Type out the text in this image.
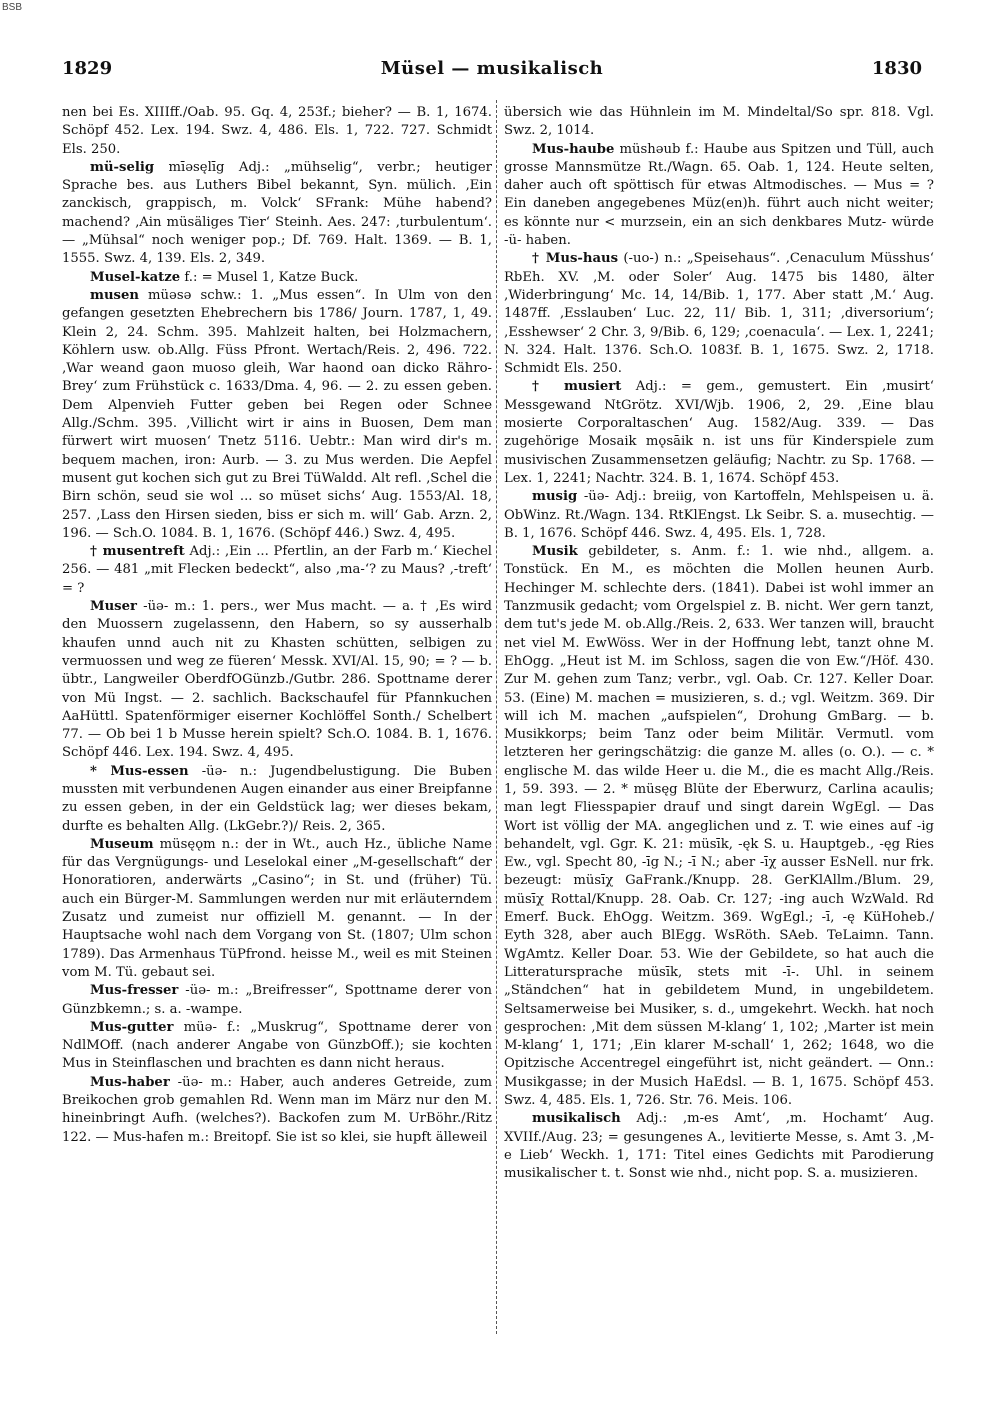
BSB
1829	Müsel — musikalisch	1830

nen bei Es. XIIIff./Oab. 95. Gq. 4, 253f.; bieher? — B. 1, 1674. Schöpf 452. Lex. 194. Swz. 4, 486. Els. 1, 722. 727. Schmidt Els. 250.

mü-selig mīəsęlīg Adj.: „mühselig“, verbr.; heutiger Sprache bes. aus Luthers Bibel bekannt, Syn. mülich. ‚Ein zanckisch, grappisch, m. Volck‘ SFrank: Mühe habend? machend? ‚Ain müsäliges Tier‘ Steinh. Aes. 247: ‚turbulentum‘. — „Mühsal“ noch weniger pop.; Df. 769. Halt. 1369. — B. 1, 1555. Swz. 4, 139. Els. 2, 349.

Musel-katze f.: = Musel 1, Katze Buck.

musen müəsə schw.: 1. „Mus essen“. In Ulm von den gefangen gesetzten Ehebrechern bis 1786/ Journ. 1787, 1, 49. Klein 2, 24. Schm. 395. Mahlzeit halten, bei Holzmachern, Köhlern usw. ob.Allg. Füss Pfront. Wertach/Reis. 2, 496. 722. ‚War weand gaon muoso gleih, War haond oan dicko Rähro-Brey‘ zum Frühstück c. 1633/Dma. 4, 96. — 2. zu essen geben. Dem Alpenvieh Futter geben bei Regen oder Schnee Allg./Schm. 395. ‚Villicht wirt ir ains in Buosen, Dem man fürwert wirt muosen‘ Tnetz 5116. Uebtr.: Man wird dir's m. bequem machen, iron: Aurb. — 3. zu Mus werden. Die Aepfel musent gut kochen sich gut zu Brei TüWaldd. Alt refl. ‚Schel die Birn schön, seud sie wol ... so müset sichs‘ Aug. 1553/Al. 18, 257. ‚Lass den Hirsen sieden, biss er sich m. will‘ Gab. Arzn. 2, 196. — Sch.O. 1084. B. 1, 1676. (Schöpf 446.) Swz. 4, 495.

† musentreft Adj.: ‚Ein ... Pfertlin, an der Farb m.‘ Kiechel 256. — 481 „mit Flecken bedeckt“, also ‚ma-‘? zu Maus? ‚-treft‘ = ?

Muser -üə- m.: 1. pers., wer Mus macht. — a. † ‚Es wird den Muossern zugelassenn, den Habern, so sy ausserhalb khaufen unnd auch nit zu Khasten schütten, selbigen zu vermuossen und weg ze füeren‘ Messk. XVI/Al. 15, 90; = ? — b. übtr., Langweiler OberdfOGünzb./Gutbr. 286. Spottname derer von Mü Ingst. — 2. sachlich. Backschaufel für Pfannkuchen AaHüttl. Spatenförmiger eiserner Kochlöffel Sonth./ Schelbert 77. — Ob bei 1 b Musse herein spielt? Sch.O. 1084. B. 1, 1676. Schöpf 446. Lex. 194. Swz. 4, 495.

* Mus-essen -üə- n.: Jugendbelustigung. Die Buben mussten mit verbundenen Augen einander aus einer Breipfanne zu essen geben, in der ein Geldstück lag; wer dieses bekam, durfte es behalten Allg. (LkGebr.?)/ Reis. 2, 365.

Museum müsęǫm n.: der in Wt., auch Hz., übliche Name für das Vergnügungs- und Leselokal einer „M-gesellschaft“ der Honoratioren, anderwärts „Casino“; in St. und (früher) Tü. auch ein Bürger-M. Sammlungen werden nur mit erläuterndem Zusatz und zumeist nur offiziell M. genannt. — In der Hauptsache wohl nach dem Vorgang von St. (1807; Ulm schon 1789). Das Armenhaus TüPfrond. heisse M., weil es mit Steinen vom M. Tü. gebaut sei.

Mus-fresser -üə- m.: „Breifresser“, Spottname derer von Günzbkemn.; s. a. -wampe.

Mus-gutter müə- f.: „Muskrug“, Spottname derer von NdlMOff. (nach anderer Angabe von GünzbOff.); sie kochten Mus in Steinflaschen und brachten es dann nicht heraus.

Mus-haber -üə- m.: Haber, auch anderes Getreide, zum Breikochen grob gemahlen Rd. Wenn man im März nur den M. hineinbringt Aufh. (welches?). Backofen zum M. UrBöhr./Ritz 122. — Mus-hafen m.: Breitopf. Sie ist so klei, sie hupft älleweil

übersich wie das Hühnlein im M. Mindeltal/So spr. 818. Vgl. Swz. 2, 1014.

Mus-haube müshəub f.: Haube aus Spitzen und Tüll, auch grosse Mannsmütze Rt./Wagn. 65. Oab. 1, 124. Heute selten, daher auch oft spöttisch für etwas Altmodisches. — Mus = ? Ein daneben angegebenes Müz(en)h. führt auch nicht weiter; es könnte nur < murzsein, ein an sich denkbares Mutz- würde -ü- haben.

† Mus-haus (-uo-) n.: „Speisehaus“. ‚Cenaculum Müsshus‘ RbEh. XV. ‚M. oder Soler‘ Aug. 1475 bis 1480, älter ‚Widerbringung‘ Mc. 14, 14/Bib. 1, 177. Aber statt ‚M.‘ Aug. 1487ff. ‚Esslauben‘ Luc. 22, 11/ Bib. 1, 311; ‚diversorium‘; ‚Esshewser‘ 2 Chr. 3, 9/Bib. 6, 129; ‚coenacula‘. — Lex. 1, 2241; N. 324. Halt. 1376. Sch.O. 1083f. B. 1, 1675. Swz. 2, 1718. Schmidt Els. 250.

† musiert Adj.: = gem., gemustert. Ein ‚musirt‘ Messgewand NtGrötz. XVI/Wjb. 1906, 2, 29. ‚Eine blau mosierte Corporaltaschen‘ Aug. 1582/Aug. 339. — Das zugehörige Mosaik mǫsāik n. ist uns für Kinderspiele zum musivischen Zusammensetzen geläufig; Nachtr. zu Sp. 1768. — Lex. 1, 2241; Nachtr. 324. B. 1, 1674. Schöpf 453.

musig -üə- Adj.: breiig, von Kartoffeln, Mehlspeisen u. ä. ObWinz. Rt./Wagn. 134. RtKlEngst. Lk Seibr. S. a. musechtig. — B. 1, 1676. Schöpf 446. Swz. 4, 495. Els. 1, 728.

Musik gebildeter, s. Anm. f.: 1. wie nhd., allgem. a. Tonstück. En M., es möchten die Mollen heunen Aurb. Hechinger M. schlechte ders. (1841). Dabei ist wohl immer an Tanzmusik gedacht; vom Orgelspiel z. B. nicht. Wer gern tanzt, dem tut's jede M. ob.Allg./Reis. 2, 633. Wer tanzen will, braucht net viel M. EwWöss. Wer in der Hoffnung lebt, tanzt ohne M. EhOgg. „Heut ist M. im Schloss, sagen die von Ew.“/Höf. 430. Zur M. gehen zum Tanz; verbr., vgl. Oab. Cr. 127. Keller Doar. 53. (Eine) M. machen = musizieren, s. d.; vgl. Weitzm. 369. Dir will ich M. machen „aufspielen“, Drohung GmBarg. — b. Musikkorps; beim Tanz oder beim Militär. Vermutl. vom letzteren her geringschätzig: die ganze M. alles (o. O.). — c. * englische M. das wilde Heer u. die M., die es macht Allg./Reis. 1, 59. 393. — 2. * müsęg Blüte der Eberwurz, Carlina acaulis; man legt Fliesspapier drauf und singt darein WgEgl. — Das Wort ist völlig der MA. angeglichen und z. T. wie eines auf -ig behandelt, vgl. Ggr. K. 21: müsīk, -ęk S. u. Hauptgeb., -ęg Ries Ew., vgl. Specht 80, -īg N.; -ī N.; aber -īχ ausser EsNell. nur frk. bezeugt: müsīχ GaFrank./Knupp. 28. GerKlAllm./Blum. 29, müsīχ Rottal/Knupp. 28. Oab. Cr. 127; -ing auch WzWald. Rd Emerf. Buck. EhOgg. Weitzm. 369. WgEgl.; -ī, -ę KüHoheb./ Eyth 328, aber auch BlEgg. WsRöth. SAeb. TeLaimn. Tann. WgAmtz. Keller Doar. 53. Wie der Gebildete, so hat auch die Litteratursprache müsīk, stets mit -ī-. Uhl. in seinem „Ständchen“ hat in gebildetem Mund, in ungebildetem. Seltsamerweise bei Musiker, s. d., umgekehrt. Weckh. hat noch gesprochen: ‚Mit dem süssen M-klang‘ 1, 102; ‚Marter ist mein M-klang‘ 1, 171; ‚Ein klarer M-schall‘ 1, 262; 1648, wo die Opitzische Accentregel eingeführt ist, nicht geändert. — Onn.: Musikgasse; in der Musich HaEdsl. — B. 1, 1675. Schöpf 453. Swz. 4, 485. Els. 1, 726. Str. 76. Meis. 106.

musikalisch Adj.: ‚m-es Amt‘, ‚m. Hochamt‘ Aug. XVIIf./Aug. 23; = gesungenes A., levitierte Messe, s. Amt 3. ‚M-e Lieb‘ Weckh. 1, 171: Titel eines Gedichts mit Parodierung musikalischer t. t. Sonst wie nhd., nicht pop. S. a. musizieren.
